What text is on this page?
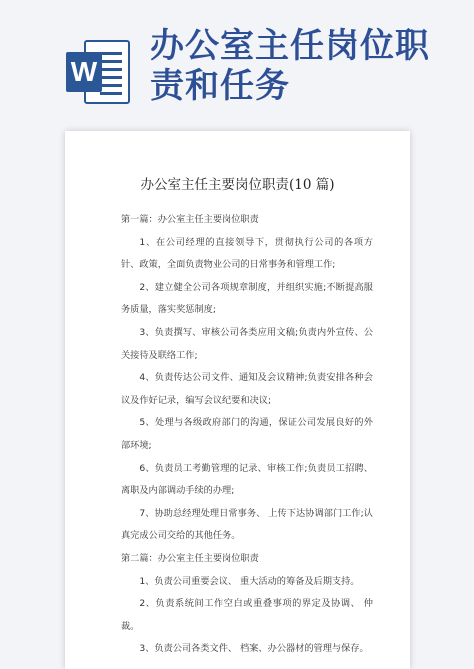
W
办公室主任岗位职责和任务
办公室主任主要岗位职责(10 篇)

第一篇：办公室主任主要岗位职责

1、在公司经理的直接领导下，贯彻执行公司的各项方针、政策，全面负责物业公司的日常事务和管理工作;

2、建立健全公司各项规章制度，并组织实施;不断提高服务质量，落实奖惩制度;

3、负责撰写、审核公司各类应用文稿;负责内外宣传、公关接待及联络工作;

4、负责传达公司文件、通知及会议精神;负责安排各种会议及作好记录，编写会议纪要和决议;

5、处理与各级政府部门的沟通，保证公司发展良好的外部环境;

6、负责员工考勤管理的记录、审核工作;负责员工招聘、离职及内部调动手续的办理;

7、协助总经理处理日常事务、 上传下达协调部门工作;认真完成公司交给的其他任务。

第二篇：办公室主任主要岗位职责

1、负责公司重要会议、 重大活动的筹备及后期支持。

2、负责系统间工作空白或重叠事项的界定及协调、 仲裁。

3、负责公司各类文件、 档案、办公器材的管理与保存。
